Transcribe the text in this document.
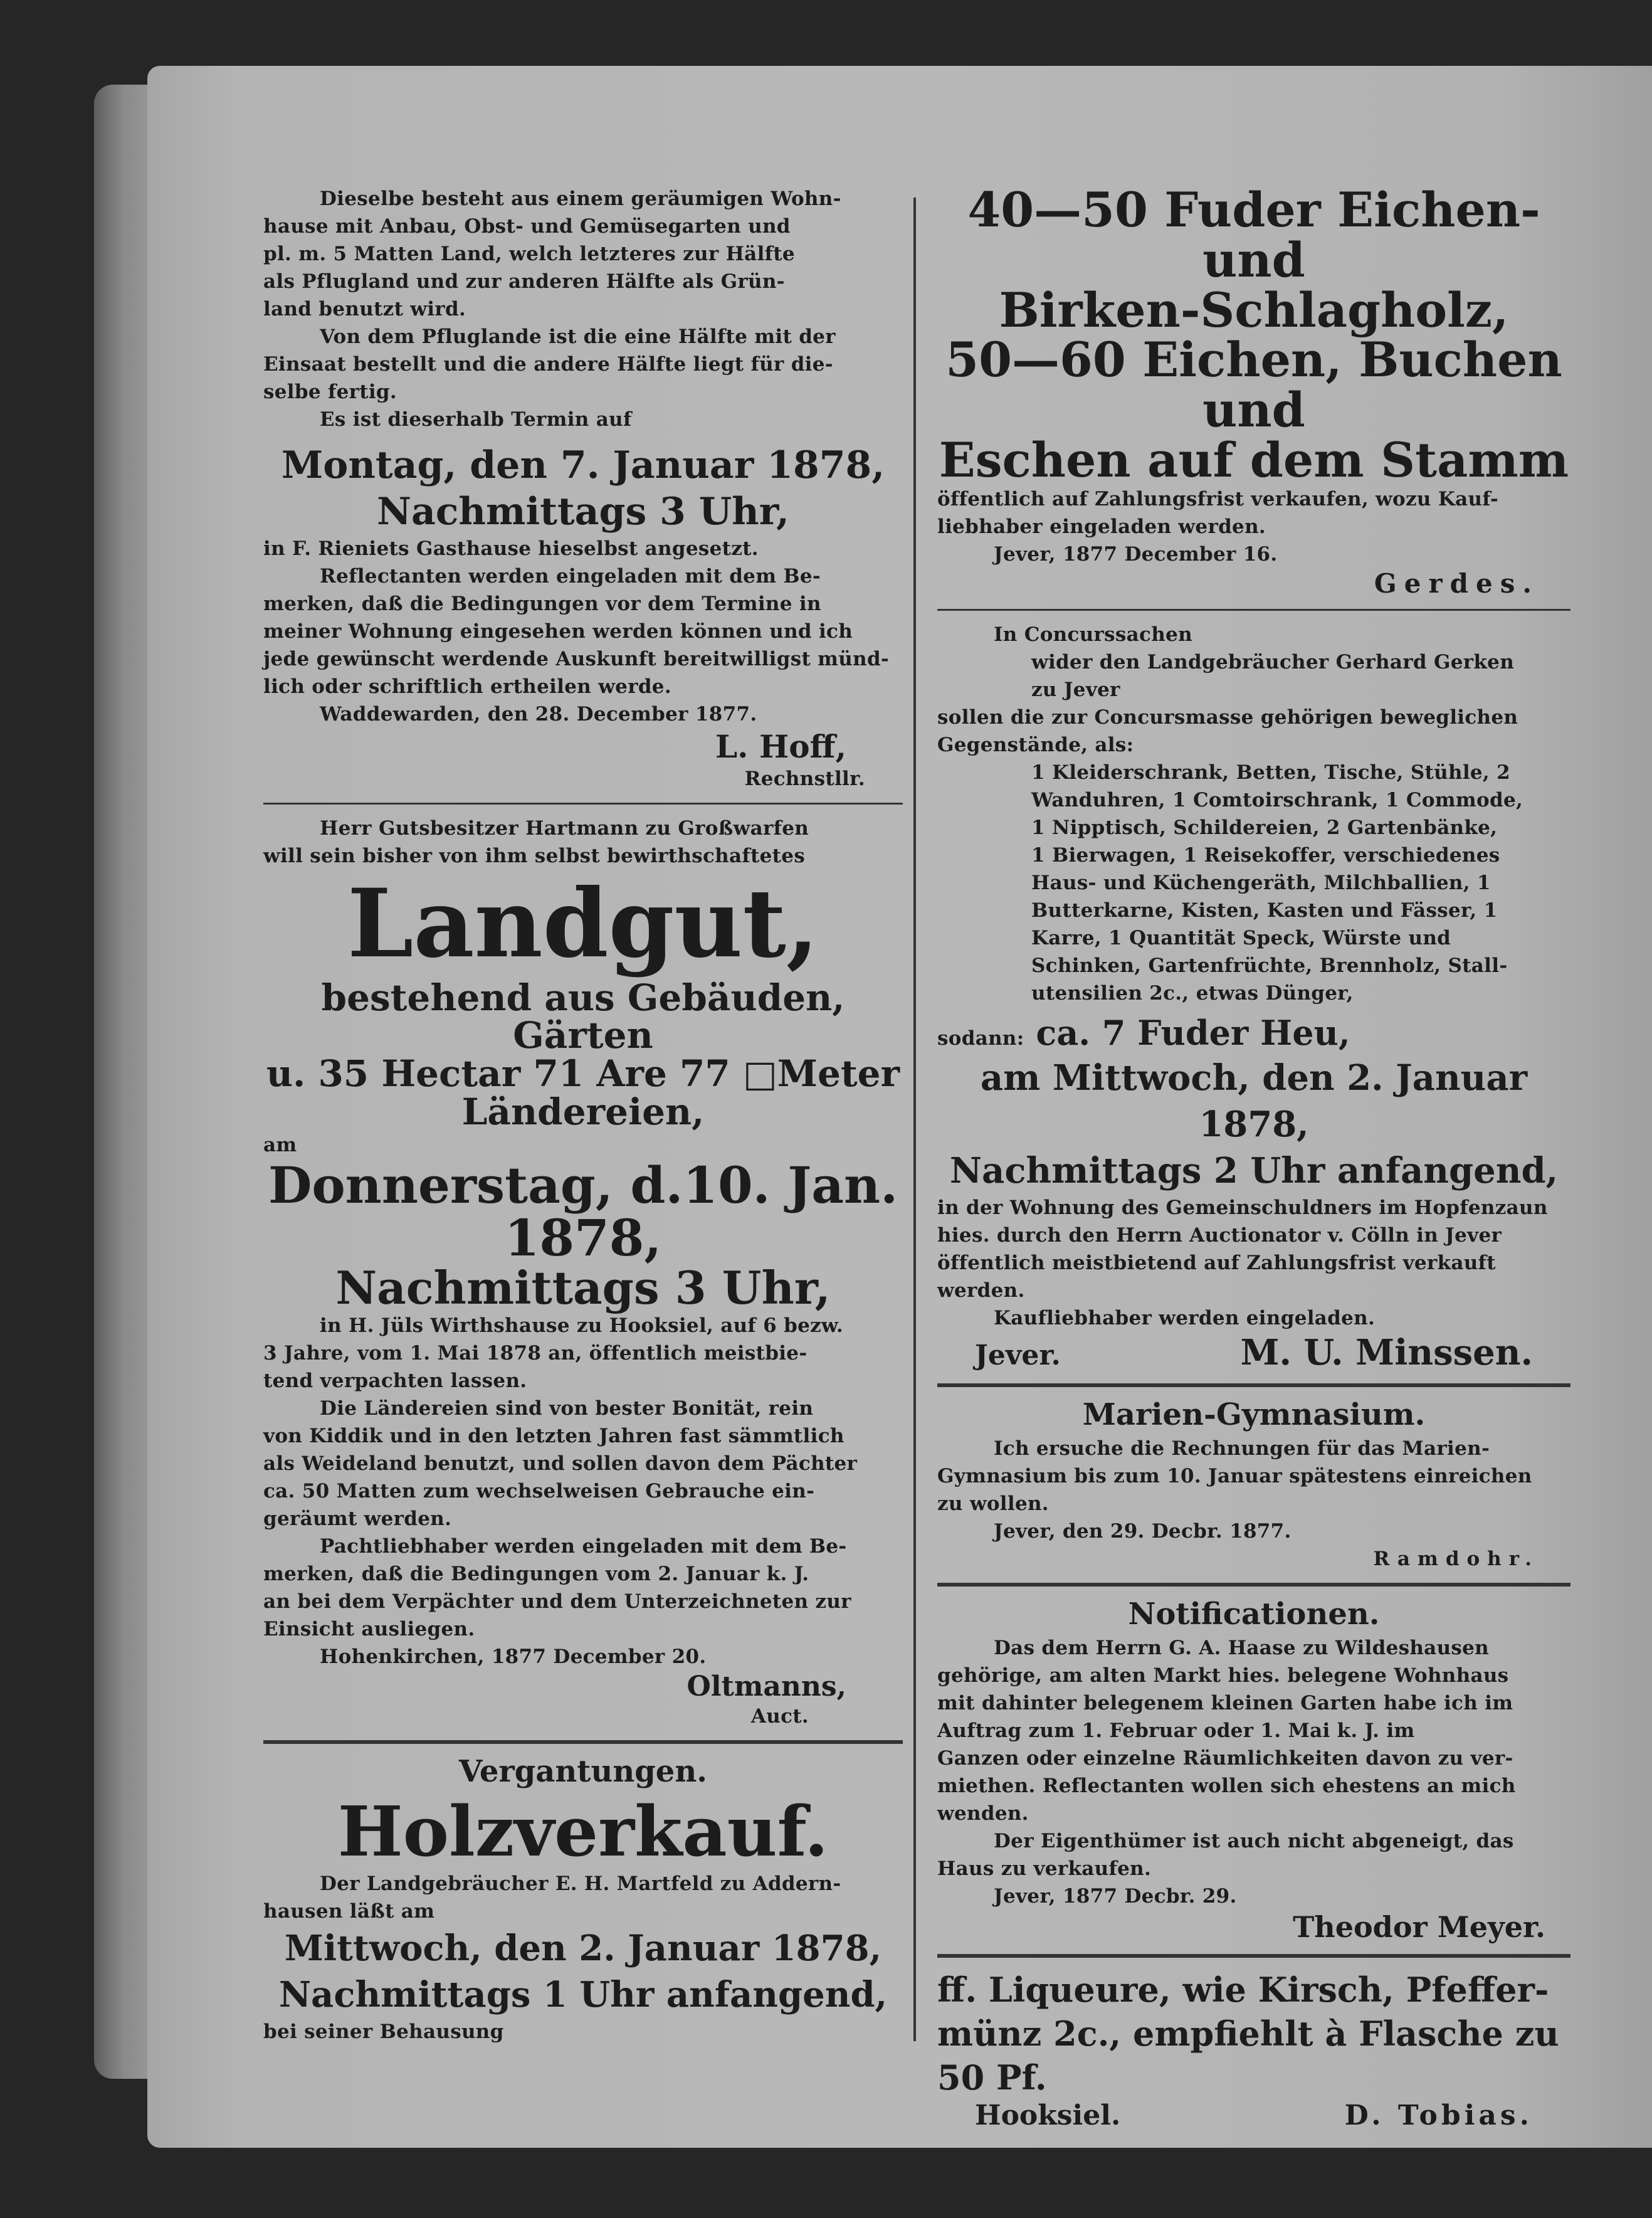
Dieselbe besteht aus einem geräumigen Wohn-

hause mit Anbau, Obst- und Gemüsegarten und

pl. m. 5 Matten Land, welch letzteres zur Hälfte

als Pflugland und zur anderen Hälfte als Grün-

land benutzt wird.

Von dem Pfluglande ist die eine Hälfte mit der

Einsaat bestellt und die andere Hälfte liegt für die-

selbe fertig.

Es ist dieserhalb Termin auf

Montag, den 7. Januar 1878,

Nachmittags 3 Uhr,

in F. Rieniets Gasthause hieselbst angesetzt.

Reflectanten werden eingeladen mit dem Be-

merken, daß die Bedingungen vor dem Termine in

meiner Wohnung eingesehen werden können und ich

jede gewünscht werdende Auskunft bereitwilligst münd-

lich oder schriftlich ertheilen werde.

Waddewarden, den 28. December 1877.

L. Hoff,

Rechnstllr.

Herr Gutsbesitzer Hartmann zu Großwarfen

will sein bisher von ihm selbst bewirthschaftetes

Landgut,

bestehend aus Gebäuden, Gärten

u. 35 Hectar 71 Are 77 □Meter

Ländereien,

am

Donnerstag, d.10. Jan. 1878,

Nachmittags 3 Uhr,

in H. Jüls Wirthshause zu Hooksiel, auf 6 bezw.

3 Jahre, vom 1. Mai 1878 an, öffentlich meistbie-

tend verpachten lassen.

Die Ländereien sind von bester Bonität, rein

von Kiddik und in den letzten Jahren fast sämmtlich

als Weideland benutzt, und sollen davon dem Pächter

ca. 50 Matten zum wechselweisen Gebrauche ein-

geräumt werden.

Pachtliebhaber werden eingeladen mit dem Be-

merken, daß die Bedingungen vom 2. Januar k. J.

an bei dem Verpächter und dem Unterzeichneten zur

Einsicht ausliegen.

Hohenkirchen, 1877 December 20.

Oltmanns,

Auct.

Vergantungen.

Holzverkauf.

Der Landgebräucher E. H. Martfeld zu Addern-

hausen läßt am

Mittwoch, den 2. Januar 1878,

Nachmittags 1 Uhr anfangend,

bei seiner Behausung

40—50 Fuder Eichen- und

Birken-Schlagholz,

50—60 Eichen, Buchen und

Eschen auf dem Stamm

öffentlich auf Zahlungsfrist verkaufen, wozu Kauf-

liebhaber eingeladen werden.

Jever, 1877 December 16.

Gerdes.

In Concurssachen

wider den Landgebräucher Gerhard Gerken

zu Jever

sollen die zur Concursmasse gehörigen beweglichen

Gegenstände, als:

1 Kleiderschrank, Betten, Tische, Stühle, 2

Wanduhren, 1 Comtoirschrank, 1 Commode,

1 Nipptisch, Schildereien, 2 Gartenbänke,

1 Bierwagen, 1 Reisekoffer, verschiedenes

Haus- und Küchengeräth, Milchballien, 1

Butterkarne, Kisten, Kasten und Fässer, 1

Karre, 1 Quantität Speck, Würste und

Schinken, Gartenfrüchte, Brennholz, Stall-

utensilien 2c., etwas Dünger,

sodann: ca. 7 Fuder Heu,

am Mittwoch, den 2. Januar 1878,

Nachmittags 2 Uhr anfangend,

in der Wohnung des Gemeinschuldners im Hopfenzaun

hies. durch den Herrn Auctionator v. Cölln in Jever

öffentlich meistbietend auf Zahlungsfrist verkauft

werden.

Kaufliebhaber werden eingeladen.

Jever.	M. U. Minssen.

Marien-Gymnasium.

Ich ersuche die Rechnungen für das Marien-

Gymnasium bis zum 10. Januar spätestens einreichen

zu wollen.

Jever, den 29. Decbr. 1877.

Ramdohr.

Notificationen.

Das dem Herrn G. A. Haase zu Wildeshausen

gehörige, am alten Markt hies. belegene Wohnhaus

mit dahinter belegenem kleinen Garten habe ich im

Auftrag zum 1. Februar oder 1. Mai k. J. im

Ganzen oder einzelne Räumlichkeiten davon zu ver-

miethen. Reflectanten wollen sich ehestens an mich

wenden.

Der Eigenthümer ist auch nicht abgeneigt, das

Haus zu verkaufen.

Jever, 1877 Decbr. 29.

Theodor Meyer.

ff. Liqueure, wie Kirsch, Pfeffer-

münz 2c., empfiehlt à Flasche zu

50 Pf.

Hooksiel.	D. Tobias.
